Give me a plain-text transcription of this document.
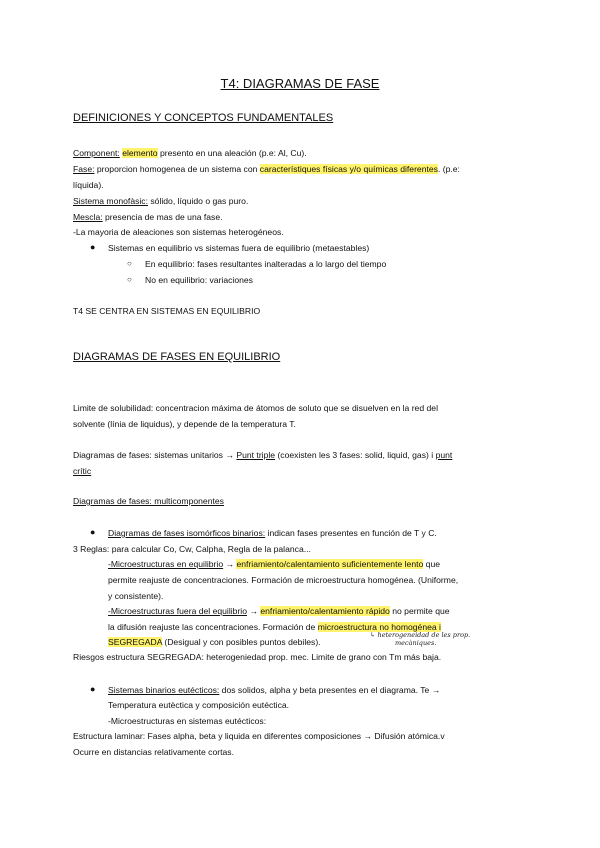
T4: DIAGRAMAS DE FASE
DEFINICIONES Y CONCEPTOS FUNDAMENTALES
Component: elemento presento en una aleación (p.e: Al, Cu).
Fase: proporcion homogenea de un sistema con característiques físicas y/o químicas diferentes. (p.e:
líquida).
Sistema monofàsic: sólido, líquido o gas puro.
Mescla: presencia de mas de una fase.
-La mayoria de aleaciones son sistemas heterogéneos.
● Sistemas en equilibrio vs sistemas fuera de equilibrio (metaestables)
○ En equilibrio: fases resultantes inalteradas a lo largo del tiempo
○ No en equilibrio: variaciones
T4 SE CENTRA EN SISTEMAS EN EQUILIBRIO
DIAGRAMAS DE FASES EN EQUILIBRIO
Limite de solubilidad: concentracion máxima de átomos de soluto que se disuelven en la red del
solvente (línia de liquidus), y depende de la temperatura T.
Diagramas de fases: sistemas unitarios → Punt triple (coexisten les 3 fases: solid, liquid, gas) i punt
crític
Diagramas de fases: multicomponentes
● Diagramas de fases isomórficos binarios: indican fases presentes en función de T y C.
3 Reglas: para calcular Co, Cw, Calpha, Regla de la palanca...
-Microestructuras en equilibrio → enfriamiento/calentamiento suficientemente lento que
permite reajuste de concentraciones. Formación de microestructura homogénea. (Uniforme,
y consistente).
-Microestructuras fuera del equilibrio → enfriamiento/calentamiento rápido no permite que
la difusión reajuste las concentraciones. Formación de microestructura no homogénea i
SEGREGADA (Desigual y con posibles puntos debiles).
↳ heterogeneidad de les prop.
mecàniques.
Riesgos estructura SEGREGADA: heterogeniedad prop. mec. Limite de grano con Tm más baja.
● Sistemas binarios eutécticos: dos solidos, alpha y beta presentes en el diagrama. Te →
Temperatura eutèctica y composición eutéctica.
-Microestructuras en sistemas eutécticos:
Estructura laminar: Fases alpha, beta y liquida en diferentes composiciones → Difusión atómica.v
Ocurre en distancias relativamente cortas.
